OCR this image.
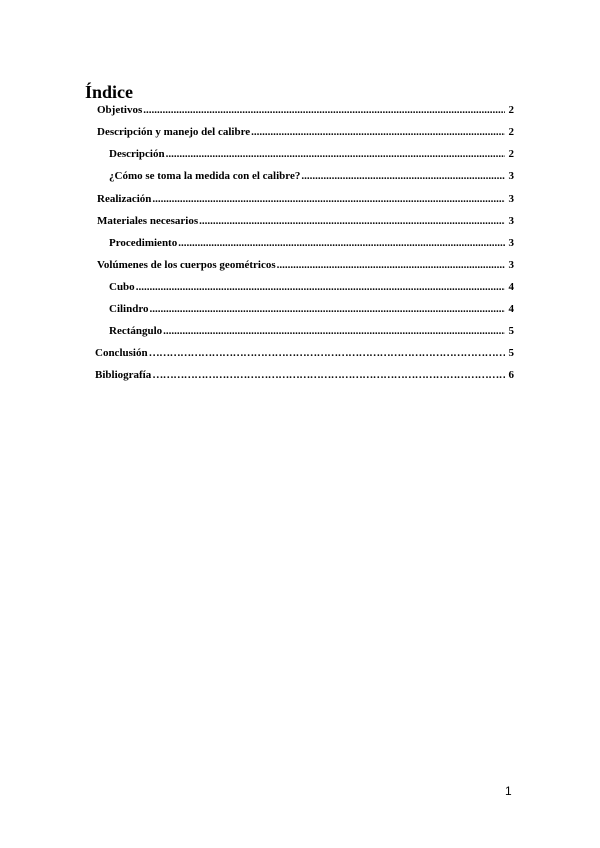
Índice
Objetivos .....	2
Descripción y manejo del calibre .....	2
Descripción .....	2
¿Cómo se toma la medida con el calibre? .....	3
Realización .....	3
Materiales necesarios .....	3
Procedimiento .....	3
Volúmenes de los cuerpos geométricos .....	3
Cubo .....	4
Cilindro .....	4
Rectángulo .....	5
Conclusión ……………………………………………………………………………………………………………………………………………………………………	5
Bibliografía ……………………………………………………………………………………………………………………………………………………………………	6

1
